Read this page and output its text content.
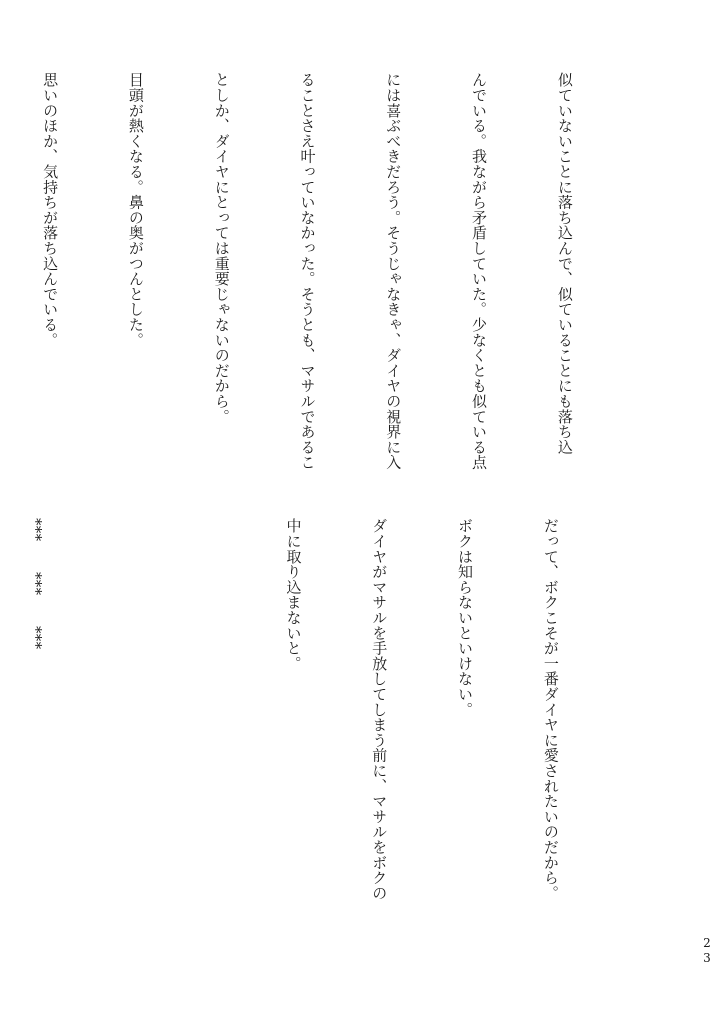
似ていないことに落ち込んで、似ていることにも落ち込

んでいる。我ながら矛盾していた。少なくとも似ている点

には喜ぶべきだろう。そうじゃなきゃ、ダイヤの視界に入

ることさえ叶っていなかった。そうとも、マサルであるこ

としか、ダイヤにとっては重要じゃないのだから。

目頭が熱くなる。鼻の奥がつんとした。

思いのほか、気持ちが落ち込んでいる。

だって、ボクこそが一番ダイヤに愛されたいのだから。

ボクは知らないといけない。

ダイヤがマサルを手放してしまう前に、マサルをボクの

中に取り込まないと。

***　　***　　***

23
